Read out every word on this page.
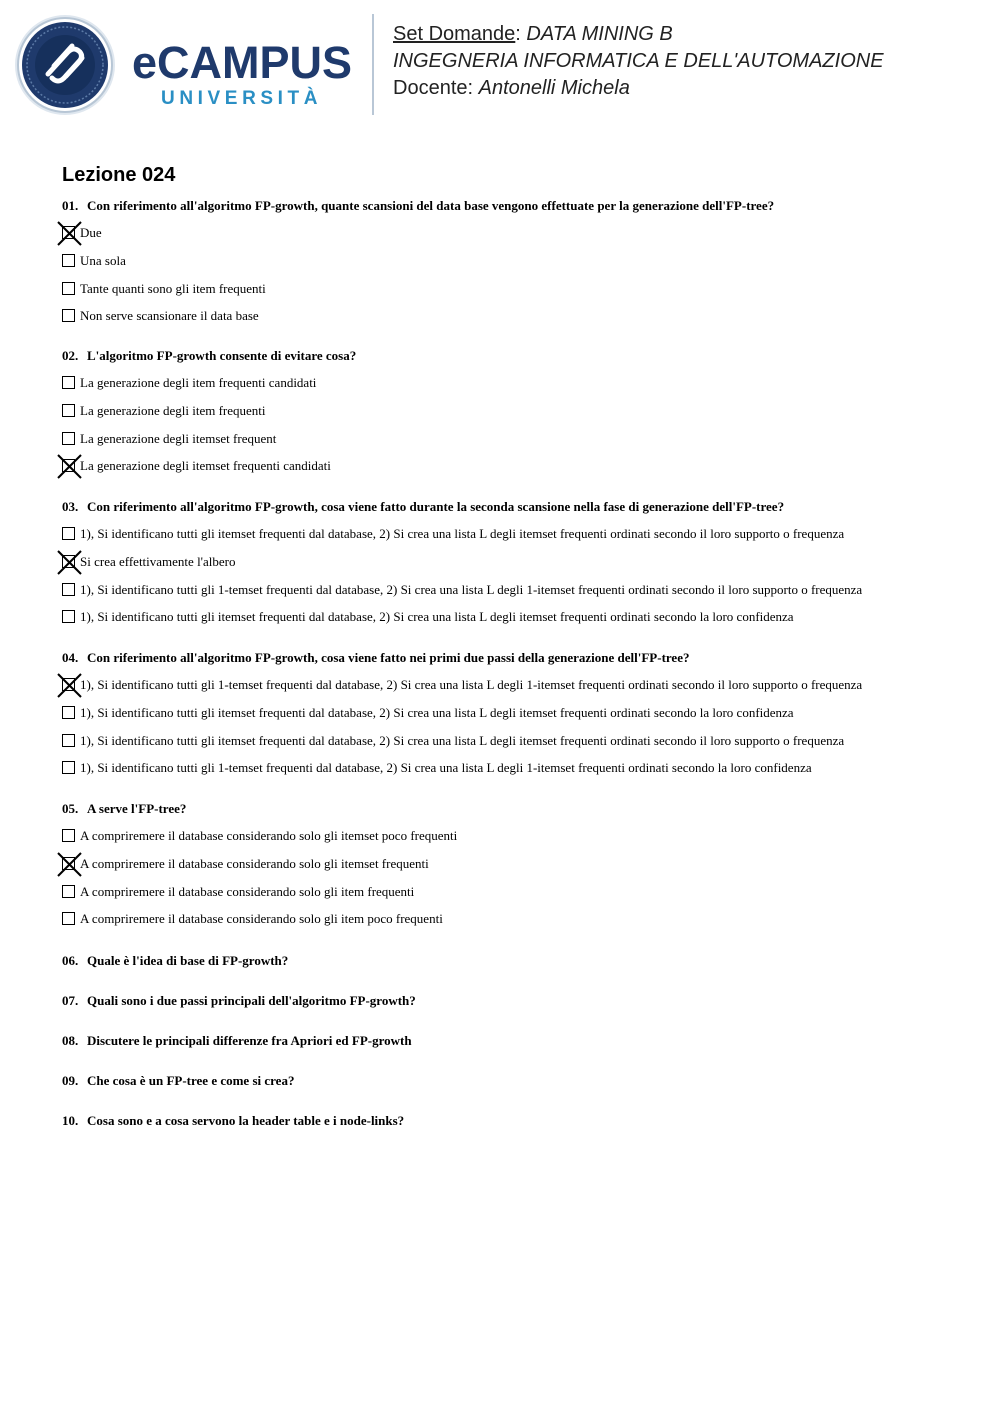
eCAMPUS
UNIVERSITÀ
Set Domande: DATA MINING B
INGEGNERIA INFORMATICA E DELL'AUTOMAZIONE
Docente: Antonelli Michela
Lezione 024
01. Con riferimento all'algoritmo FP-growth, quante scansioni del data base vengono effettuate per la generazione dell'FP-tree?
Due
Una sola
Tante quanti sono gli item frequenti
Non serve scansionare il data base
02. L'algoritmo FP-growth consente di evitare cosa?
La generazione degli item frequenti candidati
La generazione degli item frequenti
La generazione degli itemset frequent
La generazione degli itemset frequenti candidati
03. Con riferimento all'algoritmo FP-growth, cosa viene fatto durante la seconda scansione nella fase di generazione dell'FP-tree?
1), Si identificano tutti gli itemset frequenti dal database, 2) Si crea una lista L degli itemset frequenti ordinati secondo il loro supporto o frequenza
Si crea effettivamente l'albero
1), Si identificano tutti gli 1-temset frequenti dal database, 2) Si crea una lista L degli 1-itemset frequenti ordinati secondo il loro supporto o frequenza
1), Si identificano tutti gli itemset frequenti dal database, 2) Si crea una lista L degli itemset frequenti ordinati secondo la loro confidenza
04. Con riferimento all'algoritmo FP-growth, cosa viene fatto nei primi due passi della generazione dell'FP-tree?
1), Si identificano tutti gli 1-temset frequenti dal database, 2) Si crea una lista L degli 1-itemset frequenti ordinati secondo il loro supporto o frequenza
1), Si identificano tutti gli itemset frequenti dal database, 2) Si crea una lista L degli itemset frequenti ordinati secondo la loro confidenza
1), Si identificano tutti gli itemset frequenti dal database, 2) Si crea una lista L degli itemset frequenti ordinati secondo il loro supporto o frequenza
1), Si identificano tutti gli 1-temset frequenti dal database, 2) Si crea una lista L degli 1-itemset frequenti ordinati secondo la loro confidenza
05. A serve l'FP-tree?
A compriremere il database considerando solo gli itemset poco frequenti
A compriremere il database considerando solo gli itemset frequenti
A compriremere il database considerando solo gli item frequenti
A compriremere il database considerando solo gli item poco frequenti
06. Quale è l'idea di base di FP-growth?
07. Quali sono i due passi principali dell'algoritmo FP-growth?
08. Discutere le principali differenze fra Apriori ed FP-growth
09. Che cosa è un FP-tree e come si crea?
10. Cosa sono e a cosa servono la header table e i node-links?
